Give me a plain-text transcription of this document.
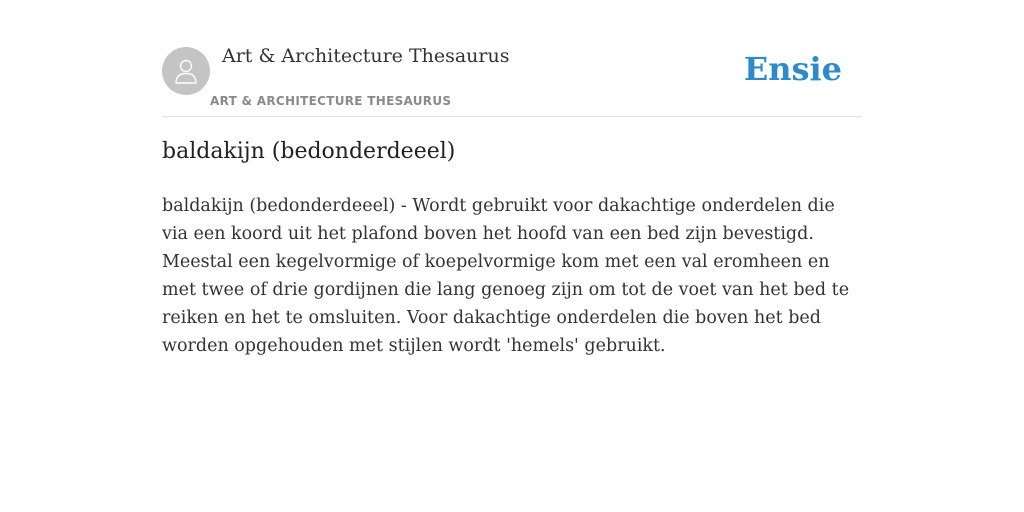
Art & Architecture Thesaurus
ART & ARCHITECTURE THESAURUS
Ensie
baldakijn (bedonderdeeel)

baldakijn (bedonderdeeel) - Wordt gebruikt voor dakachtige onderdelen die via een koord uit het plafond boven het hoofd van een bed zijn bevestigd. Meestal een kegelvormige of koepelvormige kom met een val eromheen en met twee of drie gordijnen die lang genoeg zijn om tot de voet van het bed te reiken en het te omsluiten. Voor dakachtige onderdelen die boven het bed worden opgehouden met stijlen wordt 'hemels' gebruikt.
